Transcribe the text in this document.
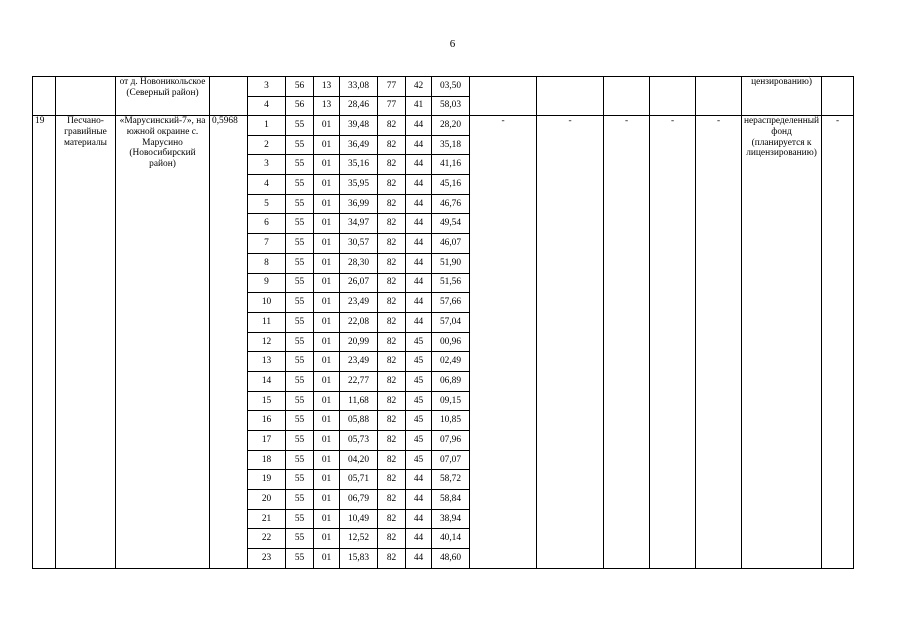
6
		от д. Новоникольское (Северный район)		3	56	13	33,08	77	42	03,50						цензированию)	
				4	56	13	28,46	77	41	58,03							
19	Песчано-гравийные материалы	«Марусинский-7», на южной окраине с. Марусино (Новосибирский район)	0,5968	1	55	01	39,48	82	44	28,20	-	-	-	-	-	нераспределенный фонд (планируется к лицензированию)	-
				2	55	01	36,49	82	44	35,18							
				3	55	01	35,16	82	44	41,16							
				4	55	01	35,95	82	44	45,16							
				5	55	01	36,99	82	44	46,76							
				6	55	01	34,97	82	44	49,54							
				7	55	01	30,57	82	44	46,07							
				8	55	01	28,30	82	44	51,90							
				9	55	01	26,07	82	44	51,56							
				10	55	01	23,49	82	44	57,66							
				11	55	01	22,08	82	44	57,04							
				12	55	01	20,99	82	45	00,96							
				13	55	01	23,49	82	45	02,49							
				14	55	01	22,77	82	45	06,89							
				15	55	01	11,68	82	45	09,15							
				16	55	01	05,88	82	45	10,85							
				17	55	01	05,73	82	45	07,96							
				18	55	01	04,20	82	45	07,07							
				19	55	01	05,71	82	44	58,72							
				20	55	01	06,79	82	44	58,84							
				21	55	01	10,49	82	44	38,94							
				22	55	01	12,52	82	44	40,14							
				23	55	01	15,83	82	44	48,60							
